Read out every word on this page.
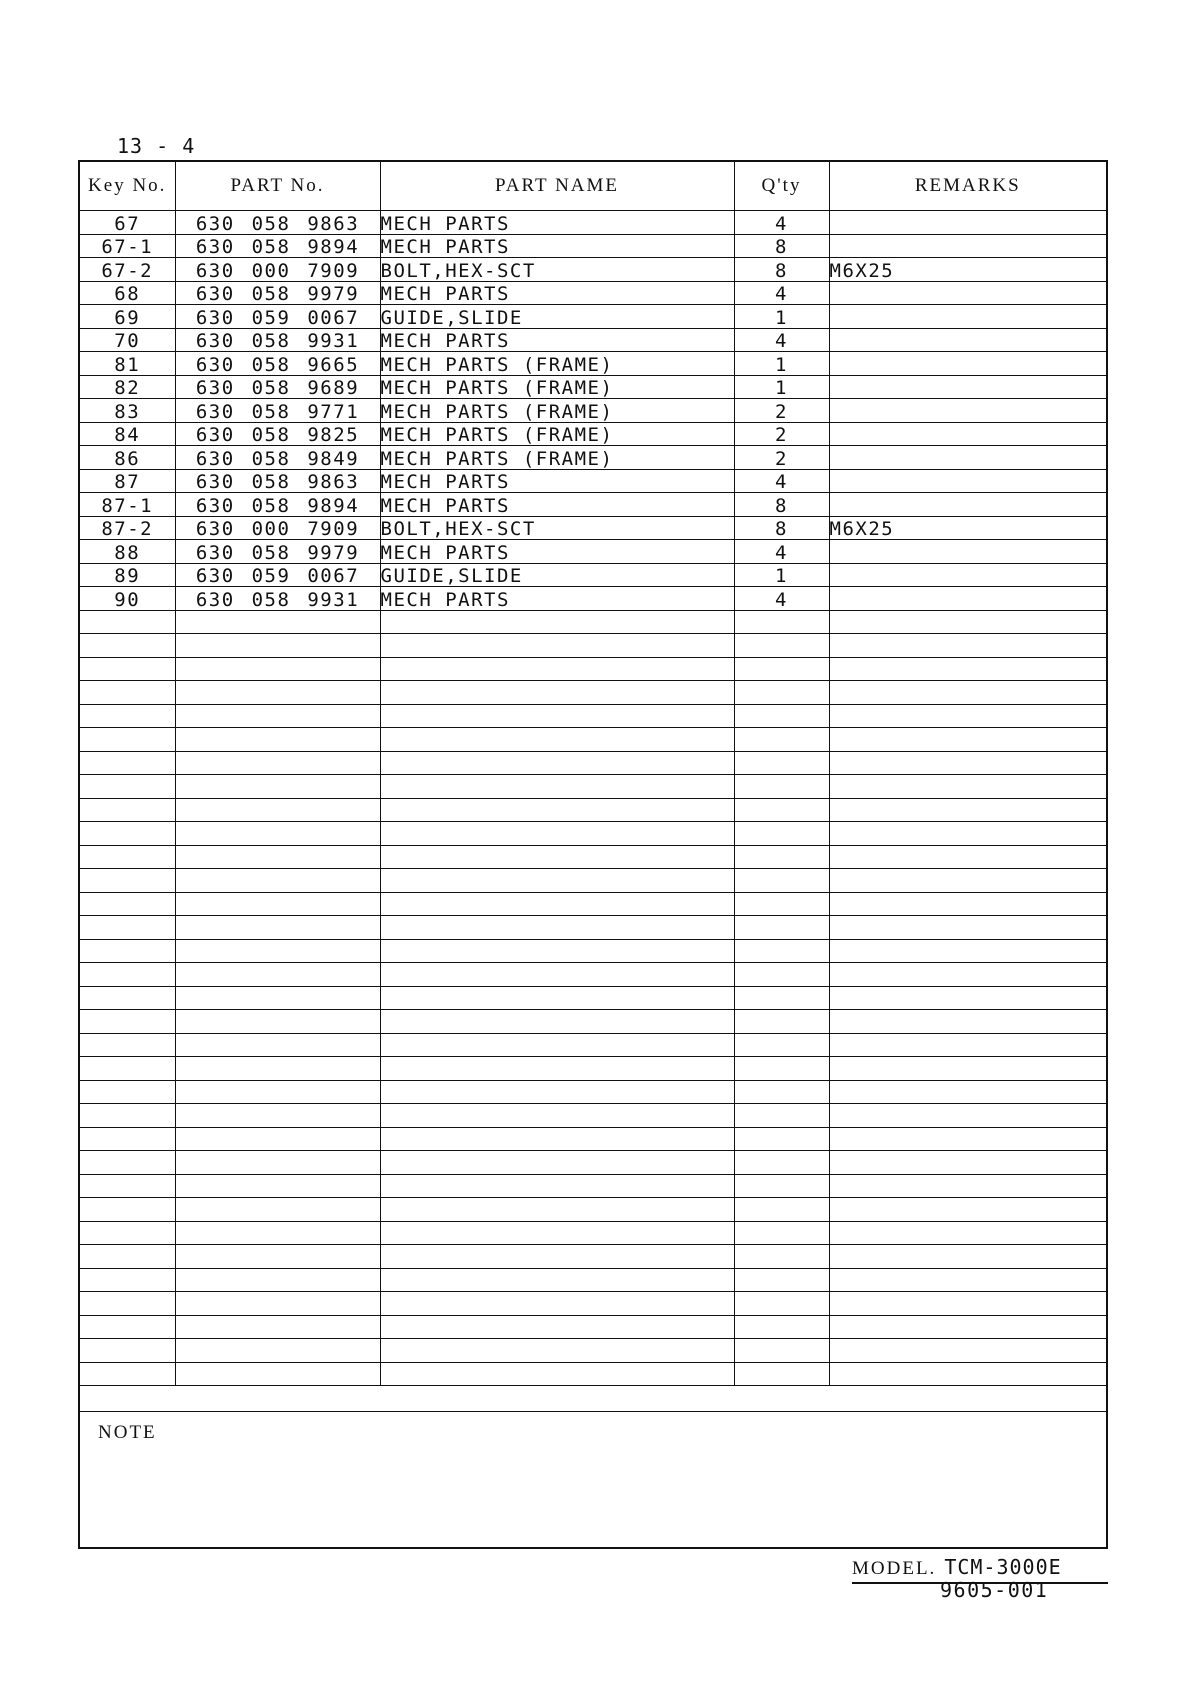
13 - 4
Key No.	PART No.	PART NAME	Q'ty	REMARKS
67	630 058 9863	MECH PARTS	4	
67-1	630 058 9894	MECH PARTS	8	
67-2	630 000 7909	BOLT,HEX-SCT	8	M6X25
68	630 058 9979	MECH PARTS	4	
69	630 059 0067	GUIDE,SLIDE	1	
70	630 058 9931	MECH PARTS	4	
81	630 058 9665	MECH PARTS (FRAME)	1	
82	630 058 9689	MECH PARTS (FRAME)	1	
83	630 058 9771	MECH PARTS (FRAME)	2	
84	630 058 9825	MECH PARTS (FRAME)	2	
86	630 058 9849	MECH PARTS (FRAME)	2	
87	630 058 9863	MECH PARTS	4	
87-1	630 058 9894	MECH PARTS	8	
87-2	630 000 7909	BOLT,HEX-SCT	8	M6X25
88	630 058 9979	MECH PARTS	4	
89	630 059 0067	GUIDE,SLIDE	1	
90	630 058 9931	MECH PARTS	4	

NOTE
MODEL. TCM-3000E
9605-001
